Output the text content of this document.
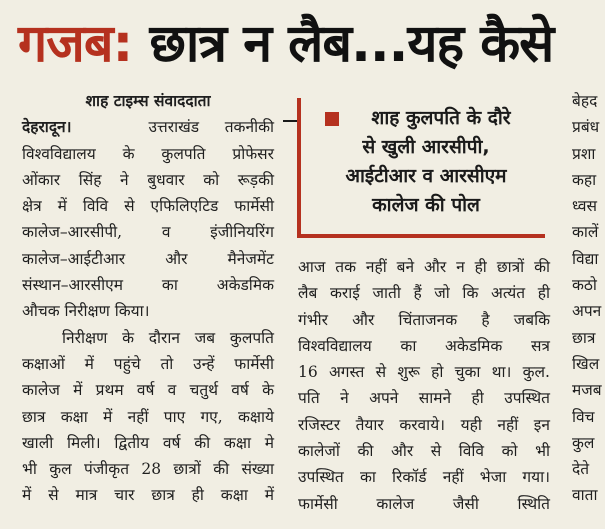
गजब: छात्र न लैब...यह कैसे
शाह टाइम्स संवाददाता
देहरादून।	उत्तराखंड तकनीकी
विश्वविद्यालय के कुलपति प्रोफेसर
ओंकार सिंह ने बुधवार को रूड़की
क्षेत्र में विवि से एफिलिएटिड फार्मेसी
कालेज–आरसीपी, व इंजीनियरिंग
कालेज–आईटीआर और मैनेजमेंट
संस्थान–आरसीएम का अकेडमिक
औचक निरीक्षण किया।
निरीक्षण के दौरान जब कुलपति
कक्षाओं में पहुंचे तो उन्हें फार्मेसी
कालेज में प्रथम वर्ष व चतुर्थ वर्ष के
छात्र कक्षा में नहीं पाए गए, कक्षाये
खाली मिली। द्वितीय वर्ष की कक्षा मे
भी कुल पंजीकृत 28 छात्रों की संख्या
में से मात्र चार छात्र ही कक्षा में
शाह कुलपति के दौरे
से खुली आरसीपी,
आईटीआर व आरसीएम
कालेज की पोल
आज तक नहीं बने और न ही छात्रों की
लैब कराई जाती हैं जो कि अत्यंत ही
गंभीर और चिंताजनक है जबकि
विश्वविद्यालय का अकेडमिक सत्र
16 अगस्त से शुरू हो चुका था। कुल.
पति ने अपने सामने ही उपस्थित
रजिस्टर तैयार करवाये। यही नहीं इन
कालेजों की और से विवि को भी
उपस्थित का रिकॉर्ड नहीं भेजा गया।
फार्मेसी कालेज जैसी स्थिति
बेहद
प्रबंध
प्रशा
कहा
ध्वस
कालें
विद्या
कठो
अपन
छात्र
खिल
मजब
विच
कुल
देते
वाता
